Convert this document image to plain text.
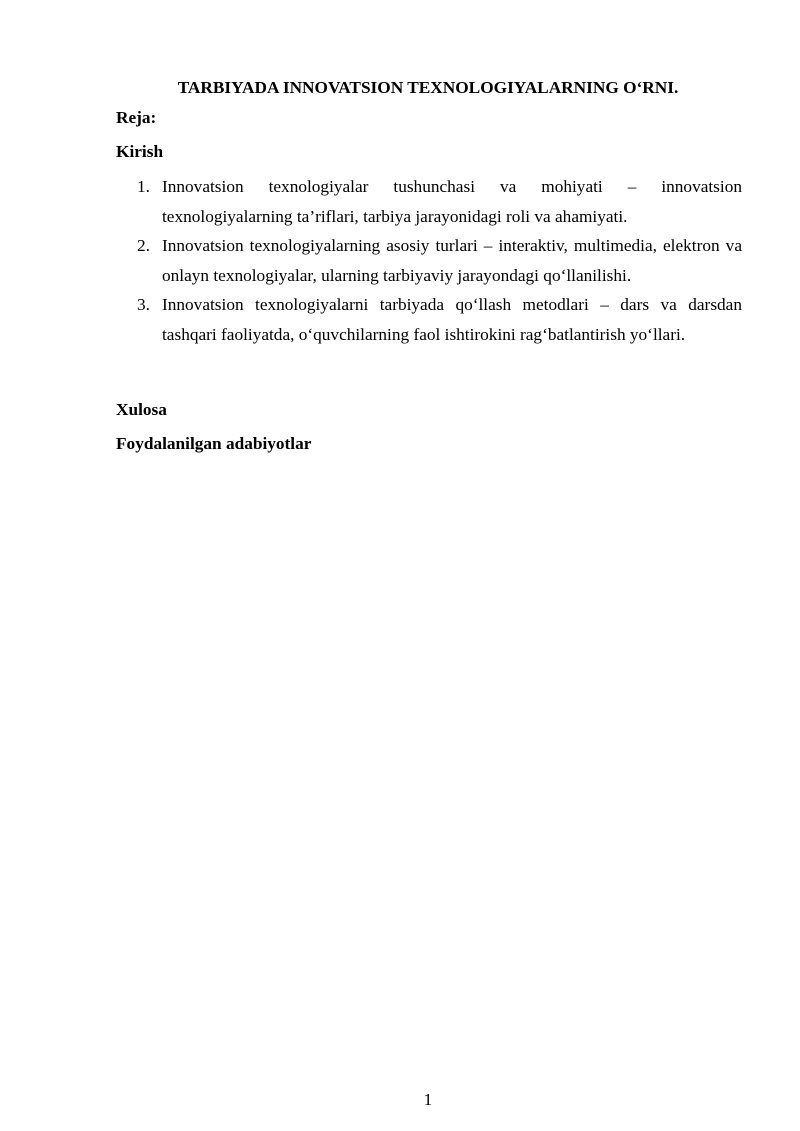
TARBIYADA INNOVATSION TEXNOLOGIYALARNING O‘RNI.

Reja:

Kirish

1. Innovatsion texnologiyalar tushunchasi va mohiyati – innovatsion texnologiyalarning ta’riflari, tarbiya jarayonidagi roli va ahamiyati.
2. Innovatsion texnologiyalarning asosiy turlari – interaktiv, multimedia, elektron va onlayn texnologiyalar, ularning tarbiyaviy jarayondagi qo‘llanilishi.
3. Innovatsion texnologiyalarni tarbiyada qo‘llash metodlari – dars va darsdan tashqari faoliyatda, o‘quvchilarning faol ishtirokini rag‘batlantirish yo‘llari.

Xulosa

Foydalanilgan adabiyotlar

1
